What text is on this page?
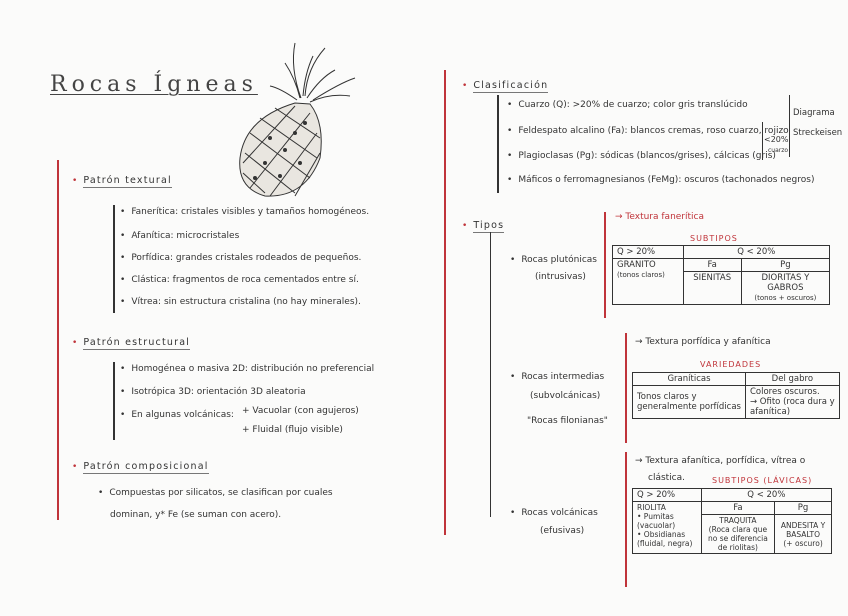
Rocas Ígneas
• Patrón textural
• Fanerítica: cristales visibles y tamaños homogéneos.
• Afanítica: microcristales
• Porfídica: grandes cristales rodeados de pequeños.
• Clástica: fragmentos de roca cementados entre sí.
• Vítrea: sin estructura cristalina (no hay minerales).
• Patrón estructural
• Homogénea o masiva 2D: distribución no preferencial
• Isotrópica 3D: orientación 3D aleatoria
• En algunas volcánicas: + Vacuolar (con agujeros)
+ Fluidal (flujo visible)
• Patrón composicional
• Compuestas por silicatos, se clasifican por cuales
dominan, y* Fe (se suman con acero).
• Clasificación
• Cuarzo (Q): >20% de cuarzo; color gris translúcido
• Feldespato alcalino (Fa): blancos cremas, roso cuarzo, rojizo
• Plagioclasas (Pg): sódicas (blancos/grises), cálcicas (gris)
• Máficos o ferromagnesianos (FeMg): oscuros (tachonados negros)
<20%
cuarzo
Diagrama
Streckeisen
• Tipos
• Rocas plutónicas
(intrusivas)
→ Textura fanerítica
SUBTIPOS
Q > 20%	Q < 20%	
GRANITO
(tonos claros)	Fa	Pg
	SIENITAS	DIORITAS Y
GABROS
(tonos + oscuros)
• Rocas intermedias
(subvolcánicas)
"Rocas filonianas"
→ Textura porfídica y afanítica
VARIEDADES
Graníticas	Del gabro
Tonos claros y
generalmente porfídicas	Colores oscuros.
→ Ofito (roca dura y
afanítica)
• Rocas volcánicas
(efusivas)
→ Textura afanítica, porfídica, vítrea o
clástica.	SUBTIPOS (LÁVICAS)
Q > 20%	Q < 20%	
RIOLITA
• Pumitas
(vacuolar)
• Obsidianas
(fluidal, negra)	Fa	Pg
	TRAQUITA
(Roca clara que
no se diferencia
de riolitas)	ANDESITA Y
BASALTO
(+ oscuro)
